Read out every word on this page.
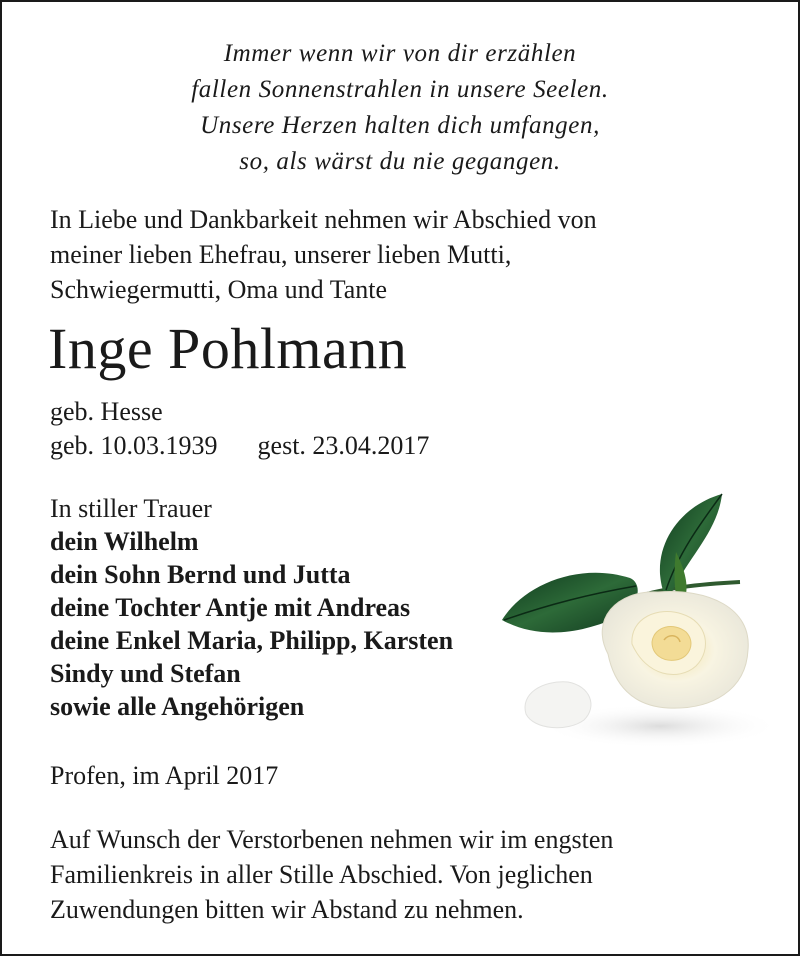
Immer wenn wir von dir erzählen
fallen Sonnenstrahlen in unsere Seelen.
Unsere Herzen halten dich umfangen,
so, als wärst du nie gegangen.
In Liebe und Dankbarkeit nehmen wir Abschied von
meiner lieben Ehefrau, unserer lieben Mutti,
Schwiegermutti, Oma und Tante
Inge Pohlmann
geb. Hesse
geb. 10.03.1939 gest. 23.04.2017
In stiller Trauer
dein Wilhelm
dein Sohn Bernd und Jutta
deine Tochter Antje mit Andreas
deine Enkel Maria, Philipp, Karsten
Sindy und Stefan
sowie alle Angehörigen
Profen, im April 2017
Auf Wunsch der Verstorbenen nehmen wir im engsten
Familienkreis in aller Stille Abschied. Von jeglichen
Zuwendungen bitten wir Abstand zu nehmen.
